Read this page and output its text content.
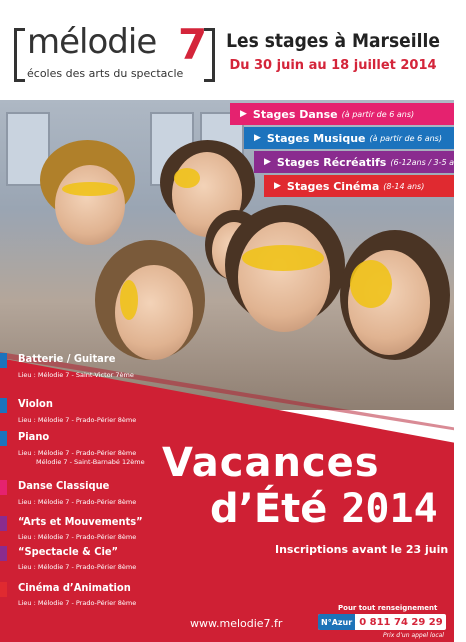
mélodie 7
écoles des arts du spectacle
Les stages à Marseille
Du 30 juin au 18 juillet 2014
▶ Stages Danse (à partir de 6 ans)
▶ Stages Musique (à partir de 6 ans)
▶ Stages Récréatifs (6-12ans / 3-5 ans)
▶ Stages Cinéma (8-14 ans)
Batterie / Guitare
Lieu : Mélodie 7 - Saint-Victor 7ème
Violon
Lieu : Mélodie 7 - Prado-Périer 8ème
Piano
Lieu : Mélodie 7 - Prado-Périer 8ème
Mélodie 7 - Saint-Barnabé 12ème
Danse Classique
Lieu : Mélodie 7 - Prado-Périer 8ème
“Arts et Mouvements”
Lieu : Mélodie 7 - Prado-Périer 8ème
“Spectacle & Cie”
Lieu : Mélodie 7 - Prado-Périer 8ème
Cinéma d’Animation
Lieu : Mélodie 7 - Prado-Périer 8ème
Vacances
d’Été 2014
Inscriptions avant le 23 juin
www.melodie7.fr
Pour tout renseignement
N°Azur 0 811 74 29 29
Prix d’un appel local
